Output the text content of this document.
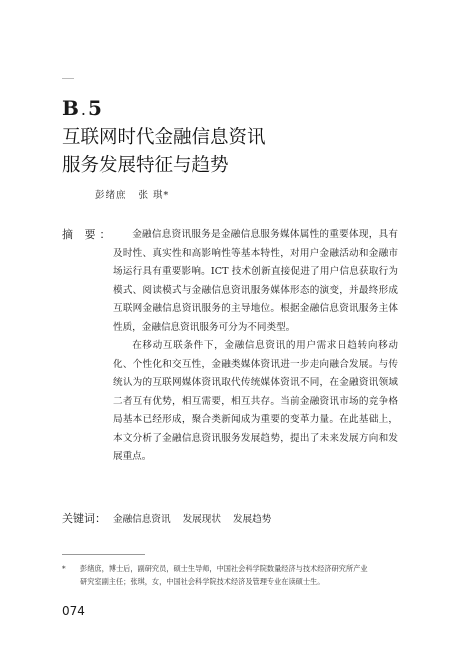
B.5
互联网时代金融信息资讯
服务发展特征与趋势
彭绪庶 张 琪*
摘 要：	金融信息资讯服务是金融信息服务媒体属性的重要体现，具有及时性、真实性和高影响性等基本特性，对用户金融活动和金融市场运行具有重要影响。ICT 技术创新直接促进了用户信息获取行为模式、阅读模式与金融信息资讯服务媒体形态的演变，并最终形成互联网金融信息资讯服务的主导地位。根据金融信息资讯服务主体性质，金融信息资讯服务可分为不同类型。

在移动互联条件下，金融信息资讯的用户需求日趋转向移动化、个性化和交互性，金融类媒体资讯进一步走向融合发展。与传统认为的互联网媒体资讯取代传统媒体资讯不同，在金融资讯领域二者互有优势，相互需要，相互共存。当前金融资讯市场的竞争格局基本已经形成，聚合类新闻成为重要的变革力量。在此基础上，本文分析了金融信息资讯服务发展趋势，提出了未来发展方向和发展重点。

关键词： 金融信息资讯 发展现状 发展趋势
* 彭绪庶，博士后，副研究员，硕士生导师，中国社会科学院数量经济与技术经济研究所产业
研究室副主任；张琪，女，中国社会科学院技术经济及管理专业在读硕士生。
074
